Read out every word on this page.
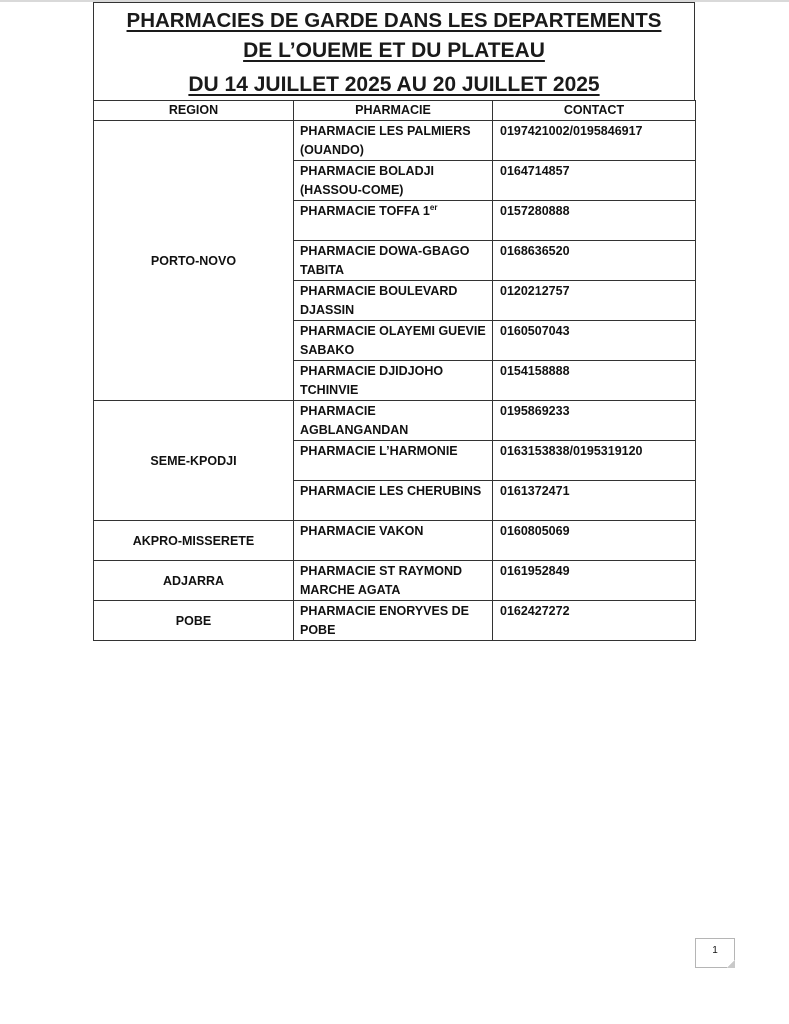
PHARMACIES DE GARDE DANS LES DEPARTEMENTS
DE L’OUEME ET DU PLATEAU
DU 14 JUILLET 2025 AU 20 JUILLET 2025
REGION	PHARMACIE	CONTACT
PORTO-NOVO	PHARMACIE LES PALMIERS (OUANDO)	0197421002/0195846917
	PHARMACIE BOLADJI (HASSOU-COME)	0164714857
	PHARMACIE TOFFA 1er	0157280888
	PHARMACIE DOWA-GBAGO TABITA	0168636520
	PHARMACIE BOULEVARD DJASSIN	0120212757
	PHARMACIE OLAYEMI GUEVIE SABAKO	0160507043
	PHARMACIE DJIDJOHO TCHINVIE	0154158888
SEME-KPODJI	PHARMACIE AGBLANGANDAN	0195869233
	PHARMACIE L’HARMONIE	0163153838/0195319120
	PHARMACIE LES CHERUBINS	0161372471
AKPRO-MISSERETE	PHARMACIE VAKON	0160805069
ADJARRA	PHARMACIE ST RAYMOND MARCHE AGATA	0161952849
POBE	PHARMACIE ENORYVES DE POBE	0162427272
1
